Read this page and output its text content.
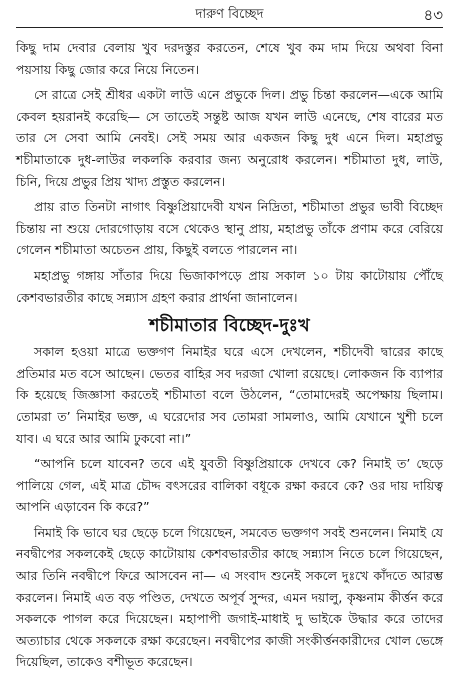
দারুণ বিচ্ছেদ	৪৩

কিছু দাম দেবার বেলায় খুব দরদস্তুর করতেন, শেষে খুব কম দাম দিয়ে অথবা বিনা পয়সায় কিছু জোর করে নিয়ে নিতেন।

সে রাত্রে সেই শ্রীধর একটা লাউ এনে প্রভুকে দিল। প্রভু চিন্তা করলেন—একে আমি কেবল হয়রানই করেছি— সে তাতেই সন্তুষ্ট আজ যখন লাউ এনেছে, শেষ বারের মত তার সে সেবা আমি নেবই। সেই সময় আর একজন কিছু দুধ এনে দিল। মহাপ্রভু শচীমাতাকে দুধ-লাউর লকলকি করবার জন্য অনুরোধ করলেন। শচীমাতা দুধ, লাউ, চিনি, দিয়ে প্রভুর প্রিয় খাদ্য প্রস্তুত করলেন।

প্রায় রাত তিনটা নাগাৎ বিষ্ণুপ্রিয়াদেবী যখন নিদ্রিতা, শচীমাতা প্রভুর ভাবী বিচ্ছেদ চিন্তায় না শুয়ে দোরগোড়ায় বসে থেকেও স্থানু প্রায়, মহাপ্রভু তাঁকে প্রণাম করে বেরিয়ে গেলেন শচীমাতা অচেতন প্রায়, কিছুই বলতে পারলেন না।

মহাপ্রভু গঙ্গায় সাঁতার দিয়ে ভিজাকাপড়ে প্রায় সকাল ১০ টায় কাটোয়ায় পৌঁছে কেশবভারতীর কাছে সন্ন্যাস গ্রহণ করার প্রার্থনা জানালেন।

শচীমাতার বিচ্ছেদ-দুঃখ

সকাল হওয়া মাত্রে ভক্তগণ নিমাইর ঘরে এসে দেখলেন, শচীদেবী দ্বারের কাছে প্রতিমার মত বসে আছেন। ভেতর বাহির সব দরজা খোলা রয়েছে। লোকজন কি ব্যাপার কি হয়েছে জিজ্ঞাসা করতেই শচীমাতা বলে উঠলেন, “তোমাদেরই অপেক্ষায় ছিলাম। তোমরা ত’ নিমাইর ভক্ত, এ ঘরেদোর সব তোমরা সামলাও, আমি যেখানে খুশী চলে যাব। এ ঘরে আর আমি ঢুকবো না।”

“আপনি চলে যাবেন? তবে এই যুবতী বিষ্ণুপ্রিয়াকে দেখবে কে? নিমাই ত’ ছেড়ে পালিয়ে গেল, এই মাত্র চৌদ্দ বৎসরের বালিকা বধূকে রক্ষা করবে কে? ওর দায় দায়িত্ব আপনি এড়াবেন কি করে?”

নিমাই কি ভাবে ঘর ছেড়ে চলে গিয়েছেন, সমবেত ভক্তগণ সবই শুনলেন। নিমাই যে নবদ্বীপের সকলকেই ছেড়ে কাটোয়ায় কেশবভারতীর কাছে সন্ন্যাস নিতে চলে গিয়েছেন, আর তিনি নবদ্বীপে ফিরে আসবেন না— এ সংবাদ শুনেই সকলে দুঃখে কাঁদতে আরম্ভ করলেন। নিমাই এত বড় পণ্ডিত, দেখতে অপূর্ব সুন্দর, এমন দয়ালু, কৃষ্ণনাম কীর্ত্তন করে সকলকে পাগল করে দিয়েছেন। মহাপাপী জগাই-মাধাই দু ভাইকে উদ্ধার করে তাদের অত্যাচার থেকে সকলকে রক্ষা করেছেন। নবদ্বীপের কাজী সংকীর্ত্তনকারীদের খোল ভেঙ্গে দিয়েছিল, তাকেও বশীভূত করেছেন।
